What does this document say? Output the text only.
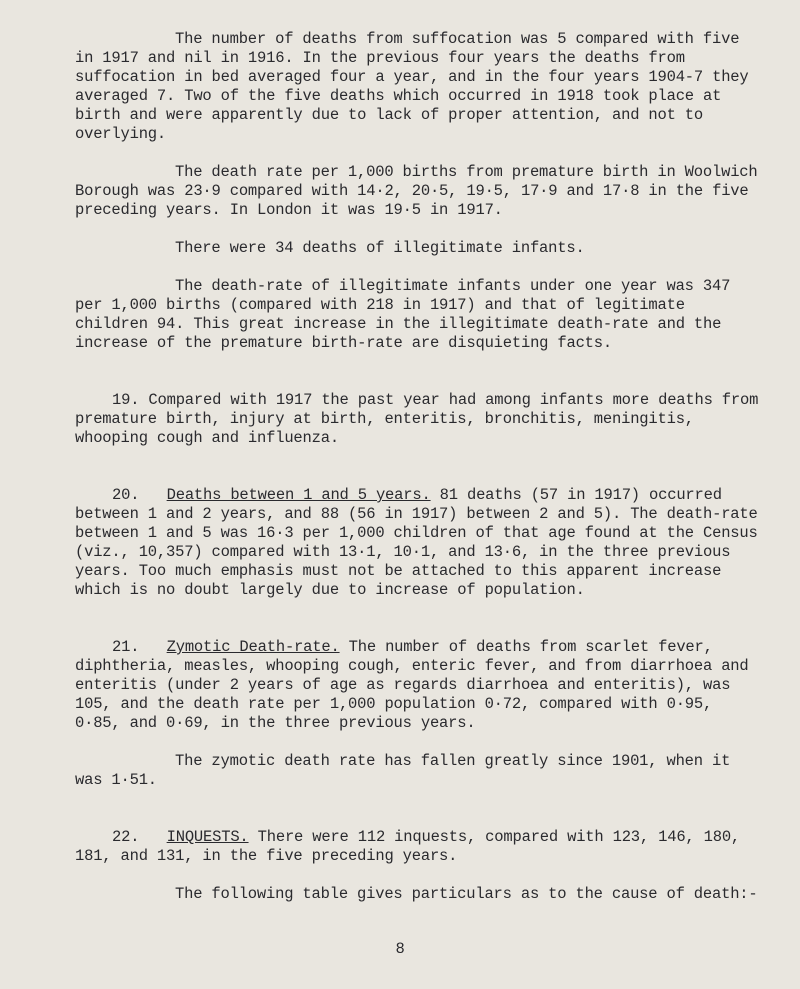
The number of deaths from suffocation was 5 compared with five in 1917 and nil in 1916. In the previous four years the deaths from suffocation in bed averaged four a year, and in the four years 1904-7 they averaged 7. Two of the five deaths which occurred in 1918 took place at birth and were apparently due to lack of proper attention, and not to overlying.

The death rate per 1,000 births from premature birth in Woolwich Borough was 23·9 compared with 14·2, 20·5, 19·5, 17·9 and 17·8 in the five preceding years. In London it was 19·5 in 1917.

There were 34 deaths of illegitimate infants.

The death-rate of illegitimate infants under one year was 347 per 1,000 births (compared with 218 in 1917) and that of legitimate children 94. This great increase in the illegitimate death-rate and the increase of the premature birth-rate are disquieting facts.

19. Compared with 1917 the past year had among infants more deaths from premature birth, injury at birth, enteritis, bronchitis, meningitis, whooping cough and influenza.

20. Deaths between 1 and 5 years. 81 deaths (57 in 1917) occurred between 1 and 2 years, and 88 (56 in 1917) between 2 and 5). The death-rate between 1 and 5 was 16·3 per 1,000 children of that age found at the Census (viz., 10,357) compared with 13·1, 10·1, and 13·6, in the three previous years. Too much emphasis must not be attached to this apparent increase which is no doubt largely due to increase of population.

21. Zymotic Death-rate. The number of deaths from scarlet fever, diphtheria, measles, whooping cough, enteric fever, and from diarrhoea and enteritis (under 2 years of age as regards diarrhoea and enteritis), was 105, and the death rate per 1,000 population 0·72, compared with 0·95, 0·85, and 0·69, in the three previous years.

The zymotic death rate has fallen greatly since 1901, when it was 1·51.

22. INQUESTS. There were 112 inquests, compared with 123, 146, 180, 181, and 131, in the five preceding years.

The following table gives particulars as to the cause of death:-

8
